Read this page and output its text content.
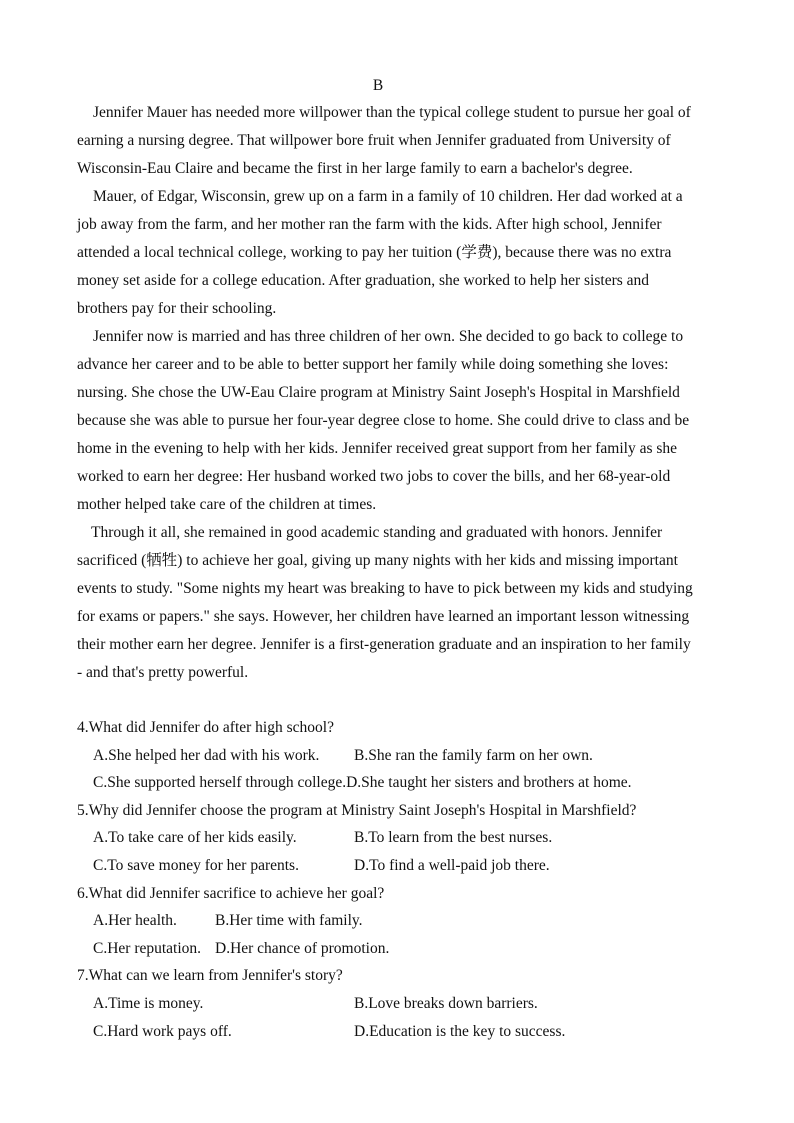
B
Jennifer Mauer has needed more willpower than the typical college student to pursue her goal of
earning a nursing degree. That willpower bore fruit when Jennifer graduated from University of
Wisconsin-Eau Claire and became the first in her large family to earn a bachelor's degree.
Mauer, of Edgar, Wisconsin, grew up on a farm in a family of 10 children. Her dad worked at a
job away from the farm, and her mother ran the farm with the kids. After high school, Jennifer
attended a local technical college, working to pay her tuition (学费), because there was no extra
money set aside for a college education. After graduation, she worked to help her sisters and
brothers pay for their schooling.
Jennifer now is married and has three children of her own. She decided to go back to college to
advance her career and to be able to better support her family while doing something she loves:
nursing. She chose the UW-Eau Claire program at Ministry Saint Joseph's Hospital in Marshfield
because she was able to pursue her four-year degree close to home. She could drive to class and be
home in the evening to help with her kids. Jennifer received great support from her family as she
worked to earn her degree: Her husband worked two jobs to cover the bills, and her 68-year-old
mother helped take care of the children at times.
Through it all, she remained in good academic standing and graduated with honors. Jennifer
sacrificed (牺牲) to achieve her goal, giving up many nights with her kids and missing important
events to study. "Some nights my heart was breaking to have to pick between my kids and studying
for exams or papers." she says. However, her children have learned an important lesson witnessing
their mother earn her degree. Jennifer is a first-generation graduate and an inspiration to her family
- and that's pretty powerful.
4.What did Jennifer do after high school?
A.She helped her dad with his work. B.She ran the family farm on her own.
C.She supported herself through college.D.She taught her sisters and brothers at home.
5.Why did Jennifer choose the program at Ministry Saint Joseph's Hospital in Marshfield?
A.To take care of her kids easily.	B.To learn from the best nurses.
C.To save money for her parents.	D.To find a well-paid job there.
6.What did Jennifer sacrifice to achieve her goal?
A.Her health. B.Her time with family.
C.Her reputation. D.Her chance of promotion.
7.What can we learn from Jennifer's story?
A.Time is money.	B.Love breaks down barriers.
C.Hard work pays off.	D.Education is the key to success.
